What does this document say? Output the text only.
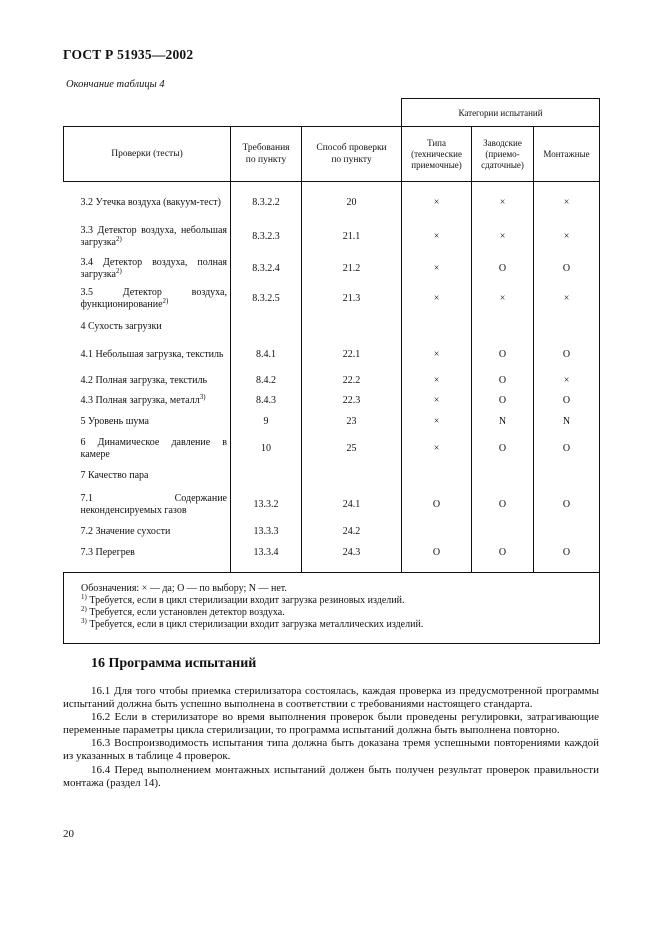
ГОСТ Р 51935—2002
Окончание таблицы 4
			Категории испытаний		
Проверки (тесты)	Требования по пункту	Способ проверки по пункту	Типа (технические приемочные)	Заводские (приемо-сдаточные)	Монтажные

3.2 Утечка воздуха (вакуум-тест)	8.3.2.2	20	×	×	×
3.3 Детектор воздуха, небольшая загрузка$^{2)}$	8.3.2.3	21.1	×	×	×
3.4 Детектор воздуха, полная загрузка$^{2)}$	8.3.2.4	21.2	×	O	O
3.5 Детектор воздуха, функционирование$^{2)}$	8.3.2.5	21.3	×	×	×
4 Сухость загрузки					
4.1 Небольшая загрузка, текстиль	8.4.1	22.1	×	O	O
4.2 Полная загрузка, текстиль	8.4.2	22.2	×	O	×
4.3 Полная загрузка, металл$^{3)}$	8.4.3	22.3	×	O	O
5 Уровень шума	9	23	×	N	N
6 Динамическое давление в камере	10	25	×	O	O
7 Качество пара					
7.1 Содержание неконденсируемых газов	13.3.2	24.1	O	O	O
7.2 Значение сухости	13.3.3	24.2			
7.3 Перегрев	13.3.4	24.3	O	O	O

Обозначения: × — да; О — по выбору; N — нет.
$^{1)}$ Требуется, если в цикл стерилизации входит загрузка резиновых изделий.
$^{2)}$ Требуется, если установлен детектор воздуха.
$^{3)}$ Требуется, если в цикл стерилизации входит загрузка металлических изделий.					
16 Программа испытаний

16.1 Для того чтобы приемка стерилизатора состоялась, каждая проверка из предусмотренной программы испытаний должна быть успешно выполнена в соответствии с требованиями настоящего стандарта.

16.2 Если в стерилизаторе во время выполнения проверок были проведены регулировки, затрагивающие переменные параметры цикла стерилизации, то программа испытаний должна быть выполнена повторно.

16.3 Воспроизводимость испытания типа должна быть доказана тремя успешными повторениями каждой из указанных в таблице 4 проверок.

16.4 Перед выполнением монтажных испытаний должен быть получен результат проверок правильности монтажа (раздел 14).

20
